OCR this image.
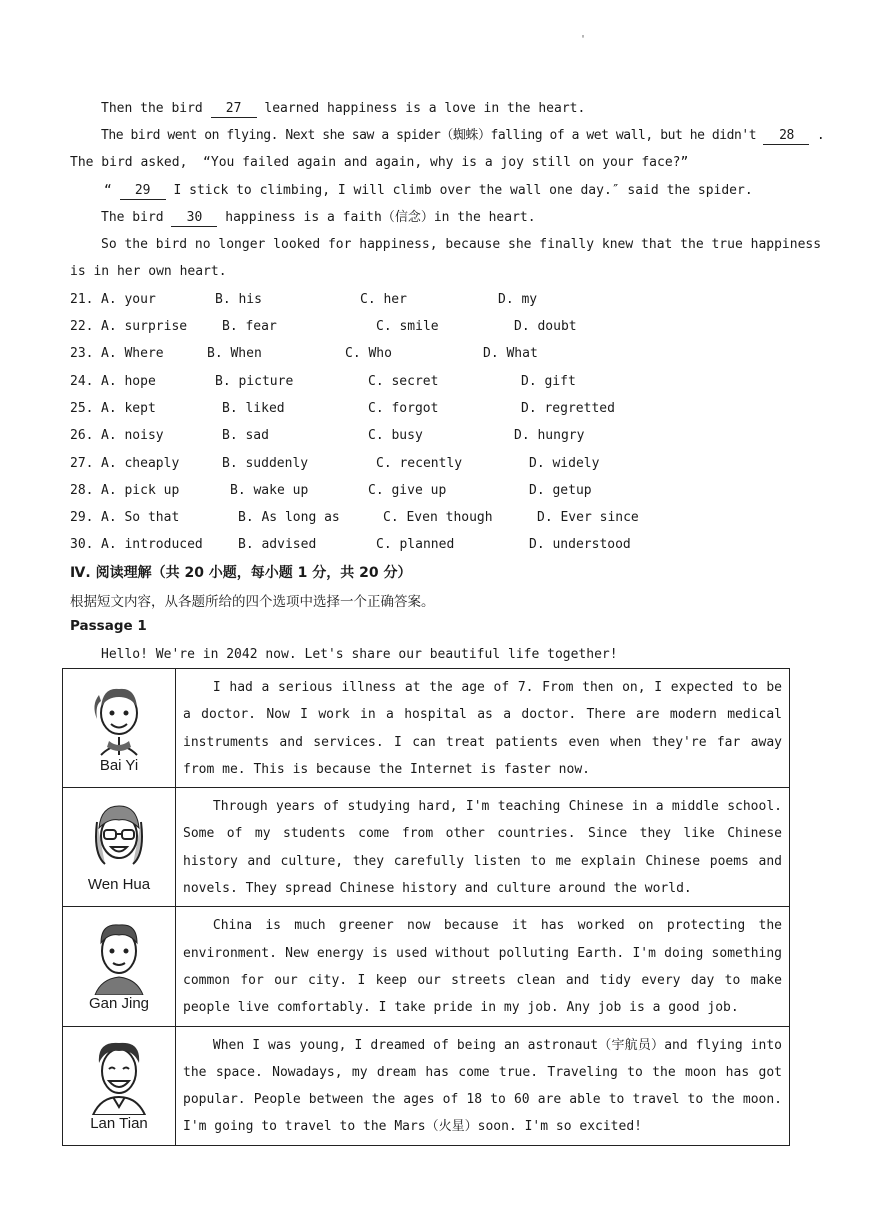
'
Then the bird 27 learned happiness is a love in the heart.
The bird went on flying. Next she saw a spider（蜘蛛）falling of a wet wall, but he didn't 28 .
The bird asked,  “You failed again and again, why is a joy still on your face?”
“ 29 I stick to climbing, I will climb over the wall one day.″ said the spider.
The bird 30 happiness is a faith（信念）in the heart.
So the bird no longer looked for happiness, because she finally knew that the true happiness
is in her own heart.
21. A. your	B. his	C. her	D. my
22. A. surprise	B. fear	C. smile	D. doubt
23. A. Where	B. When	C. Who	D. What
24. A. hope	B. picture	C. secret	D. gift
25. A. kept	B. liked	C. forgot	D. regretted
26. A. noisy	B. sad	C. busy	D. hungry
27. A. cheaply	B. suddenly	C. recently	D. widely
28. A. pick up	B. wake up	C. give up	D. getup
29. A. So that	B. As long as	C. Even though	D. Ever since
30. A. introduced	B. advised	C. planned	D. understood
Ⅳ. 阅读理解（共 20 小题，每小题 1 分，共 20 分）
根据短文内容，从各题所给的四个选项中选择一个正确答案。
Passage 1
Hello! We're in 2042 now. Let's share our beautiful life together!
Bai Yi	I had a serious illness at the age of 7. From then on, I expected to be a doctor. Now I work in a hospital as a doctor. There are modern medical instruments and services. I can treat patients even when they're far away from me. This is because the Internet is faster now.

Wen Hua	Through years of studying hard, I'm teaching Chinese in a middle school. Some of my students come from other countries. Since they like Chinese history and culture, they carefully listen to me explain Chinese poems and novels. They spread Chinese history and culture around the world.

Gan Jing	China is much greener now because it has worked on protecting the environment. New energy is used without polluting Earth. I'm doing something common for our city. I keep our streets clean and tidy every day to make people live comfortably. I take pride in my job. Any job is a good job.

Lan Tian	When I was young, I dreamed of being an astronaut（宇航员）and flying into the space. Nowadays, my dream has come true. Traveling to the moon has got popular. People between the ages of 18 to 60 are able to travel to the moon. I'm going to travel to the Mars（火星）soon. I'm so excited!
